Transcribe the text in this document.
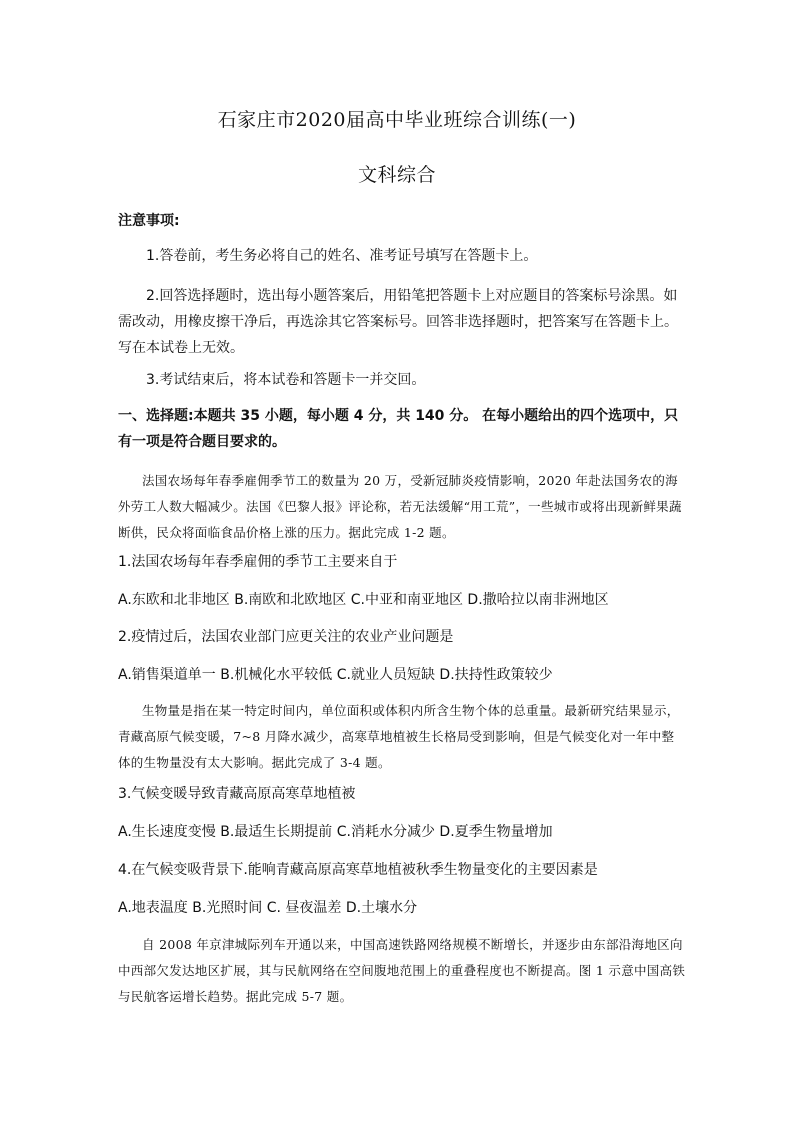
石家庄市2020届高中毕业班综合训练(一)
文科综合
注意事项:
1.答卷前，考生务必将自己的姓名、准考证号填写在答题卡上。
2.回答选择题时，选出每小题答案后，用铅笔把答题卡上对应题目的答案标号涂黑。如需改动，用橡皮擦干净后，再选涂其它答案标号。回答非选择题时，把答案写在答题卡上。写在本试卷上无效。
3.考试结束后，将本试卷和答题卡一并交回。
一、选择题:本题共 35 小题，每小题 4 分，共 140 分。 在每小题给出的四个选项中，只有一项是符合题目要求的。
法国农场每年春季雇佣季节工的数量为 20 万，受新冠肺炎疫情影响，2020 年赴法国务农的海外劳工人数大幅减少。法国《巴黎人报》评论称，若无法缓解“用工荒”，一些城市或将出现新鲜果蔬断供，民众将面临食品价格上涨的压力。据此完成 1-2 题。
1.法国农场每年春季雇佣的季节工主要来自于
A.东欧和北非地区 B.南欧和北欧地区 C.中亚和南亚地区 D.撒哈拉以南非洲地区
2.疫情过后，法国农业部门应更关注的农业产业问题是
A.销售渠道单一 B.机械化水平较低 C.就业人员短缺 D.扶持性政策较少
生物量是指在某一特定时间内，单位面积或体积内所含生物个体的总重量。最新研究结果显示，青藏高原气候变暖，7~8 月降水减少，高寒草地植被生长格局受到影响，但是气候变化对一年中整体的生物量没有太大影响。据此完成了 3-4 题。
3.气候变暖导致青藏高原高寒草地植被
A.生长速度变慢 B.最适生长期提前 C.消耗水分减少 D.夏季生物量增加
4.在气候变吸背景下.能响青藏高原高寒草地植被秋季生物量变化的主要因素是
A.地表温度 B.光照时间 C. 昼夜温差 D.土壤水分
自 2008 年京津城际列车开通以来，中国高速铁路网络规模不断增长，并逐步由东部沿海地区向中西部欠发达地区扩展，其与民航网络在空间腹地范围上的重叠程度也不断提高。图 1 示意中国高铁与民航客运增长趋势。据此完成 5-7 题。
